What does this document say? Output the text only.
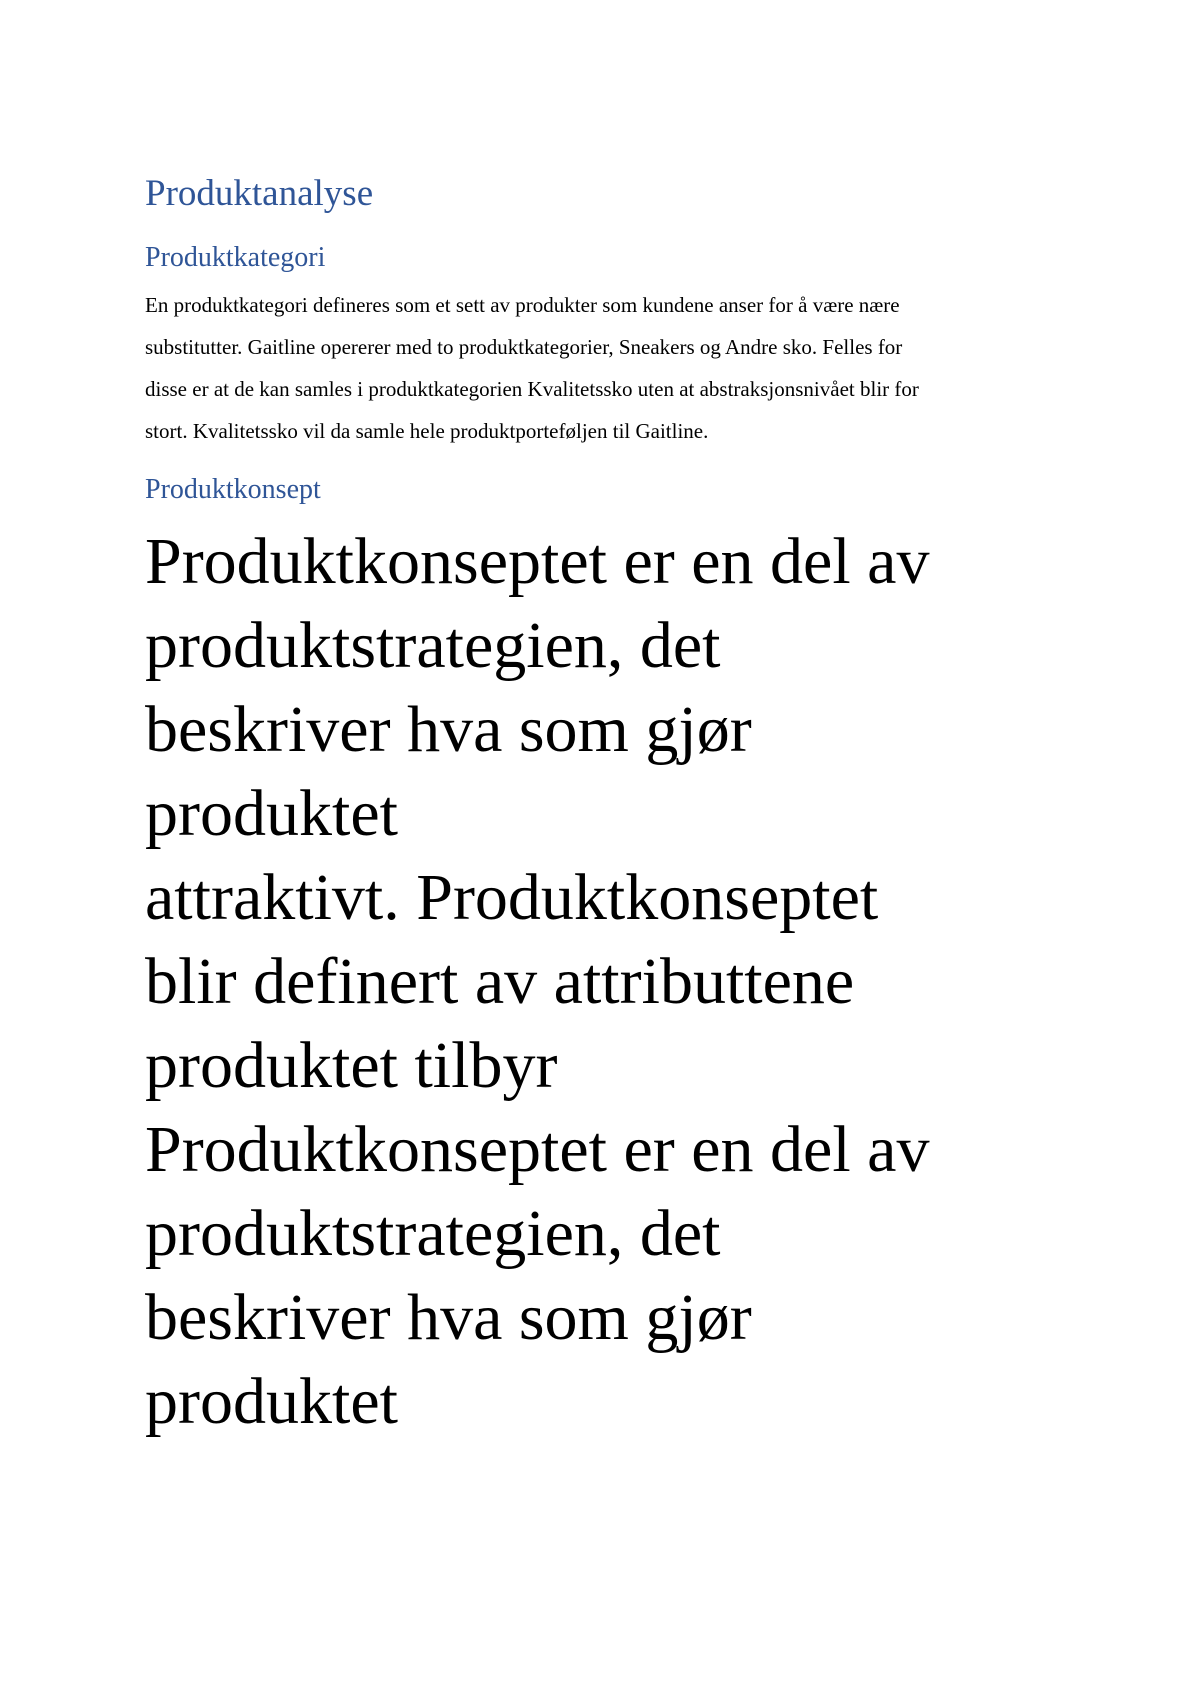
Produktanalyse
Produktkategori

En produktkategori defineres som et sett av produkter som kundene anser for å være nære
substitutter. Gaitline opererer med to produktkategorier, Sneakers og Andre sko. Felles for
disse er at de kan samles i produktkategorien Kvalitetssko uten at abstraksjonsnivået blir for
stort. Kvalitetssko vil da samle hele produktporteføljen til Gaitline.

Produktkonsept

Produktkonseptet er en del av
produktstrategien, det
beskriver hva som gjør
produktet
attraktivt. Produktkonseptet
blir definert av attributtene
produktet tilbyr
Produktkonseptet er en del av
produktstrategien, det
beskriver hva som gjør
produktet
